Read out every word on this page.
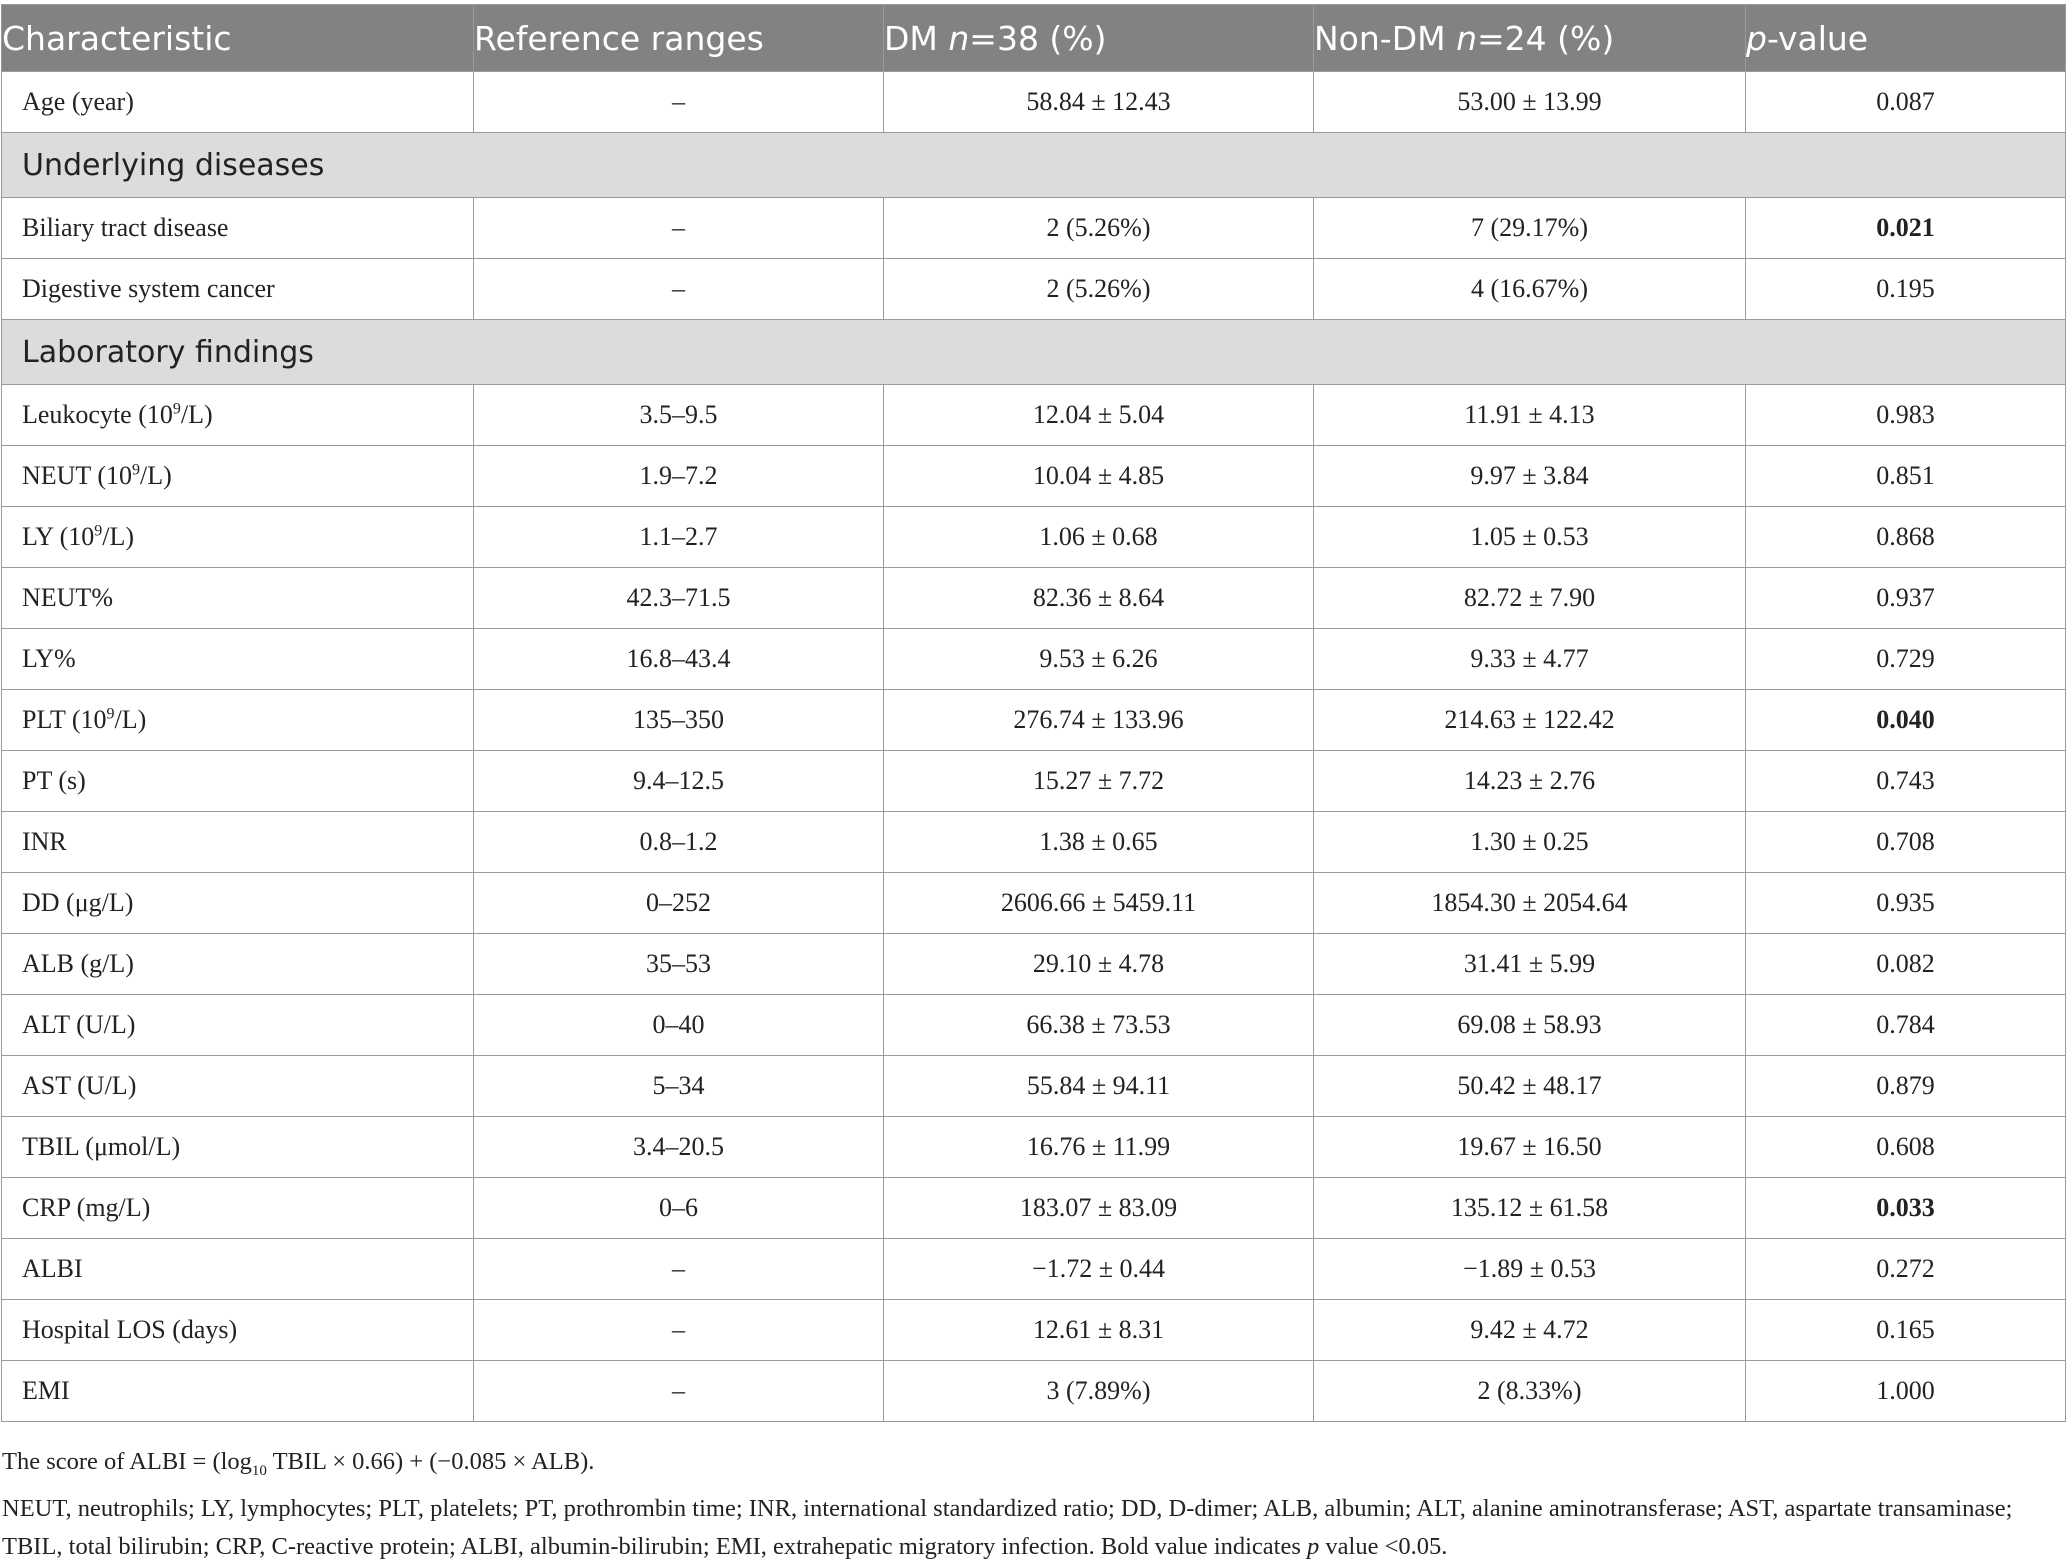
Characteristic	Reference ranges	DM n=38 (%)	Non-DM n=24 (%)	p-value
Age (year)	–	58.84 ± 12.43	53.00 ± 13.99	0.087
Underlying diseases				
Biliary tract disease	–	2 (5.26%)	7 (29.17%)	0.021
Digestive system cancer	–	2 (5.26%)	4 (16.67%)	0.195
Laboratory findings				
Leukocyte $(10^9/L)$	3.5–9.5	12.04 ± 5.04	11.91 ± 4.13	0.983
NEUT $(10^9/L)$	1.9–7.2	10.04 ± 4.85	9.97 ± 3.84	0.851
LY $(10^9/L)$	1.1–2.7	1.06 ± 0.68	1.05 ± 0.53	0.868
NEUT%	42.3–71.5	82.36 ± 8.64	82.72 ± 7.90	0.937
LY%	16.8–43.4	9.53 ± 6.26	9.33 ± 4.77	0.729
PLT $(10^9/L)$	135–350	276.74 ± 133.96	214.63 ± 122.42	0.040
PT (s)	9.4–12.5	15.27 ± 7.72	14.23 ± 2.76	0.743
INR	0.8–1.2	1.38 ± 0.65	1.30 ± 0.25	0.708
DD (μg/L)	0–252	2606.66 ± 5459.11	1854.30 ± 2054.64	0.935
ALB (g/L)	35–53	29.10 ± 4.78	31.41 ± 5.99	0.082
ALT (U/L)	0–40	66.38 ± 73.53	69.08 ± 58.93	0.784
AST (U/L)	5–34	55.84 ± 94.11	50.42 ± 48.17	0.879
TBIL (μmol/L)	3.4–20.5	16.76 ± 11.99	19.67 ± 16.50	0.608
CRP (mg/L)	0–6	183.07 ± 83.09	135.12 ± 61.58	0.033
ALBI	–	−1.72 ± 0.44	−1.89 ± 0.53	0.272
Hospital LOS (days)	–	12.61 ± 8.31	9.42 ± 4.72	0.165
EMI	–	3 (7.89%)	2 (8.33%)	1.000

The score of ALBI = ($\log_{10}$ TBIL × 0.66) + (−0.085 × ALB).

NEUT, neutrophils; LY, lymphocytes; PLT, platelets; PT, prothrombin time; INR, international standardized ratio; DD, D-dimer; ALB, albumin; ALT, alanine aminotransferase; AST, aspartate transaminase; TBIL, total bilirubin; CRP, C-reactive protein; ALBI, albumin-bilirubin; EMI, extrahepatic migratory infection. Bold value indicates p value <0.05.
